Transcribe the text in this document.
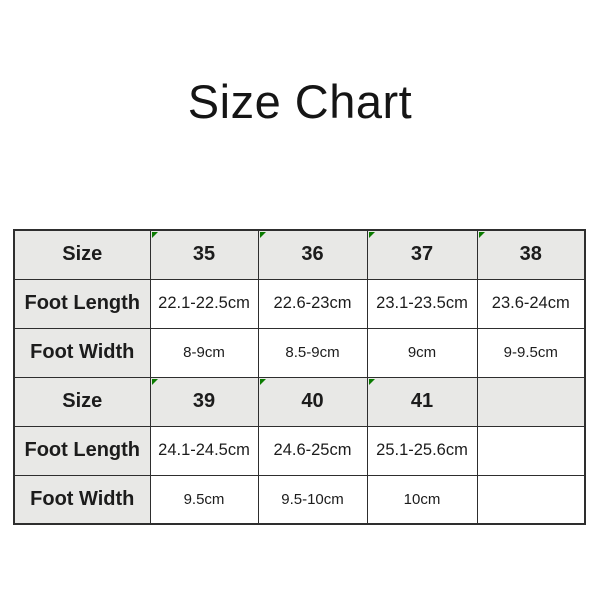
Size Chart
Size	35	36	37	38
Foot Length	22.1-22.5cm	22.6-23cm	23.1-23.5cm	23.6-24cm
Foot Width	8-9cm	8.5-9cm	9cm	9-9.5cm
Size	39	40	41	
Foot Length	24.1-24.5cm	24.6-25cm	25.1-25.6cm	
Foot Width	9.5cm	9.5-10cm	10cm	
